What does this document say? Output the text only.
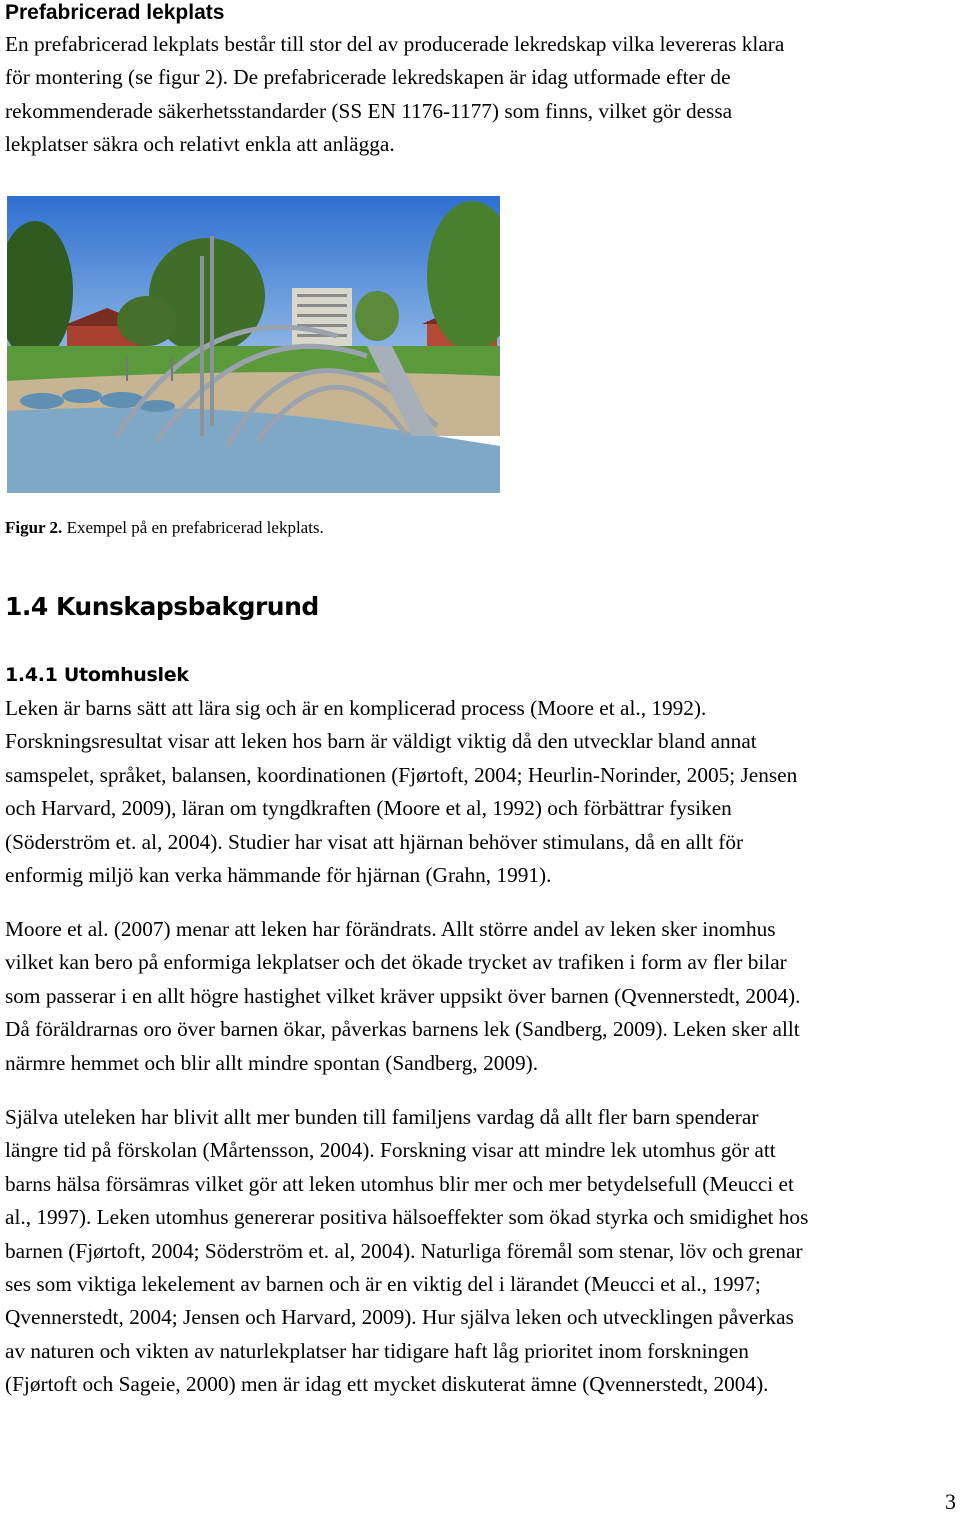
Prefabricerad lekplats
En prefabricerad lekplats består till stor del av producerade lekredskap vilka levereras klara
för montering (se figur 2). De prefabricerade lekredskapen är idag utformade efter de
rekommenderade säkerhetsstandarder (SS EN 1176-1177) som finns, vilket gör dessa
lekplatser säkra och relativt enkla att anlägga.
Figur 2. Exempel på en prefabricerad lekplats.
1.4 Kunskapsbakgrund
1.4.1 Utomhuslek
Leken är barns sätt att lära sig och är en komplicerad process (Moore et al., 1992).
Forskningsresultat visar att leken hos barn är väldigt viktig då den utvecklar bland annat
samspelet, språket, balansen, koordinationen (Fjørtoft, 2004; Heurlin-Norinder, 2005; Jensen
och Harvard, 2009), läran om tyngdkraften (Moore et al, 1992) och förbättrar fysiken
(Söderström et. al, 2004). Studier har visat att hjärnan behöver stimulans, då en allt för
enformig miljö kan verka hämmande för hjärnan (Grahn, 1991).
Moore et al. (2007) menar att leken har förändrats. Allt större andel av leken sker inomhus
vilket kan bero på enformiga lekplatser och det ökade trycket av trafiken i form av fler bilar
som passerar i en allt högre hastighet vilket kräver uppsikt över barnen (Qvennerstedt, 2004).
Då föräldrarnas oro över barnen ökar, påverkas barnens lek (Sandberg, 2009). Leken sker allt
närmre hemmet och blir allt mindre spontan (Sandberg, 2009).
Själva uteleken har blivit allt mer bunden till familjens vardag då allt fler barn spenderar
längre tid på förskolan (Mårtensson, 2004). Forskning visar att mindre lek utomhus gör att
barns hälsa försämras vilket gör att leken utomhus blir mer och mer betydelsefull (Meucci et
al., 1997). Leken utomhus genererar positiva hälsoeffekter som ökad styrka och smidighet hos
barnen (Fjørtoft, 2004; Söderström et. al, 2004). Naturliga föremål som stenar, löv och grenar
ses som viktiga lekelement av barnen och är en viktig del i lärandet (Meucci et al., 1997;
Qvennerstedt, 2004; Jensen och Harvard, 2009). Hur själva leken och utvecklingen påverkas
av naturen och vikten av naturlekplatser har tidigare haft låg prioritet inom forskningen
(Fjørtoft och Sageie, 2000) men är idag ett mycket diskuterat ämne (Qvennerstedt, 2004).
3
